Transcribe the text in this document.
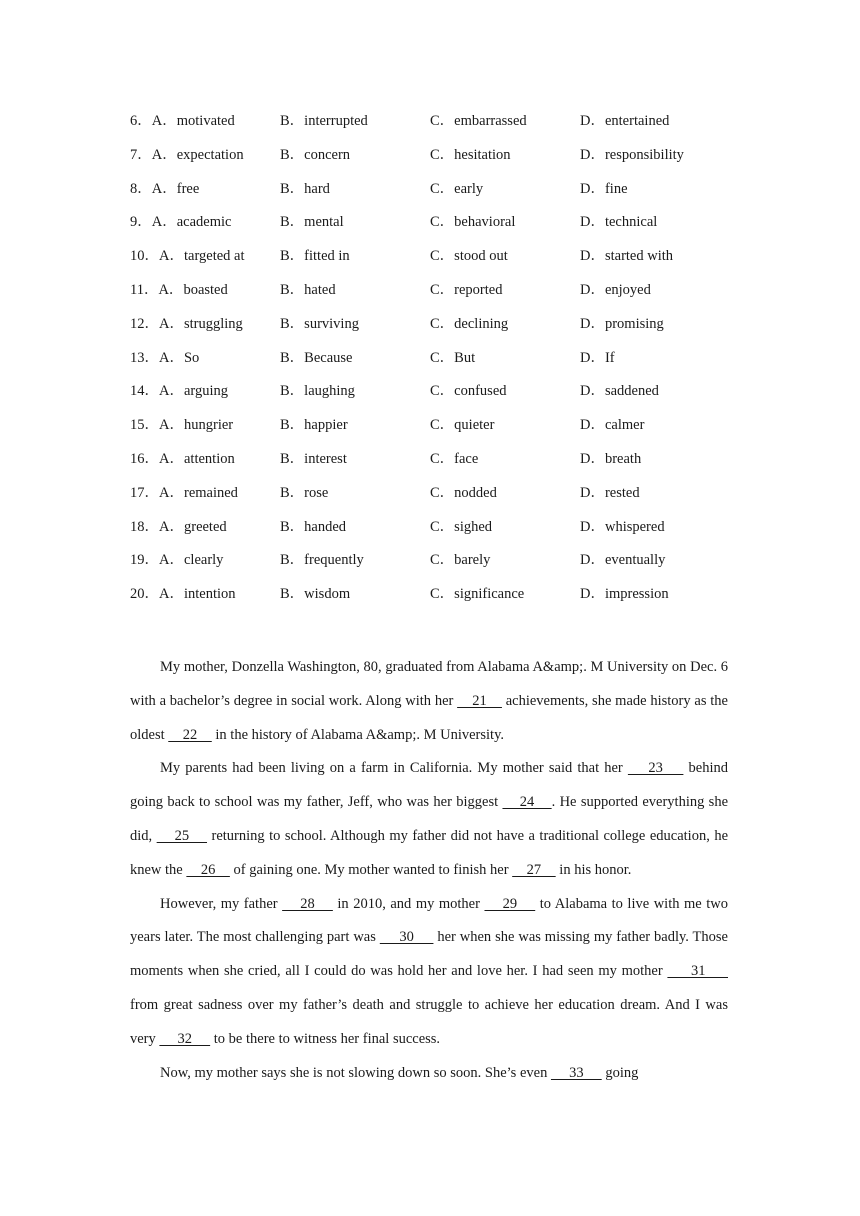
6．A．motivated	B．interrupted	C．embarrassed	D．entertained
7．A．expectation	B．concern	C．hesitation	D．responsibility
8．A．free	B．hard	C．early	D．fine
9．A．academic	B．mental	C．behavioral	D．technical
10．A．targeted at B．fitted in	C．stood out	D．started with
11．A．boasted	B．hated	C．reported	D．enjoyed
12．A．struggling	B．surviving	C．declining	D．promising
13．A．So	B．Because	C．But	D．If
14．A．arguing	B．laughing	C．confused	D．saddened
15．A．hungrier	B．happier	C．quieter	D．calmer
16．A．attention	B．interest	C．face	D．breath
17．A．remained	B．rose	C．nodded	D．rested
18．A．greeted	B．handed	C．sighed	D．whispered
19．A．clearly	B．frequently	C．barely	D．eventually
20．A．intention	B．wisdom	C．significance	D．impression

My mother, Donzella Washington, 80, graduated from Alabama A&amp;. M University on Dec. 6 with a bachelor’s degree in social work. Along with her     21     achievements, she made history as the oldest     22     in the history of Alabama A&amp;. M University.

My parents had been living on a farm in California. My mother said that her     23     behind going back to school was my father, Jeff, who was her biggest     24    . He supported everything she did,     25     returning to school. Although my father did not have a traditional college education, he knew the     26     of gaining one. My mother wanted to finish her     27     in his honor.

However, my father     28     in 2010, and my mother     29     to Alabama to live with me two years later. The most challenging part was      30      her when she was missing my father badly. Those moments when she cried, all I could do was hold her and love her. I had seen my mother      31      from great sadness over my father’s death and struggle to achieve her education dream. And I was very      32      to be there to witness her final success.

Now, my mother says she is not slowing down so soon. She’s even      33      going
